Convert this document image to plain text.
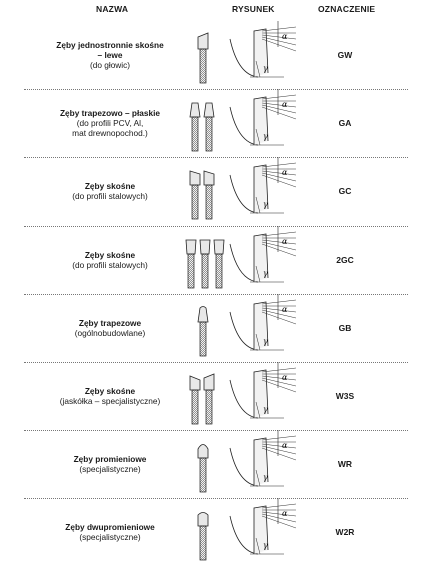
NAZWA	RYSUNEK	OZNACZENIE
Zęby jednostronnie skośne
– lewe
(do głowic)
α
γ
GW
Zęby trapezowo – płaskie
(do profili PCV, Al,
mat drewnopochod.)
α
γ
GA
Zęby skośne
(do profili stalowych)
α
γ
GC
Zęby skośne
(do profili stalowych)
α
γ
2GC
Zęby trapezowe
(ogólnobudowlane)
α
γ
GB
Zęby skośne
(jaskółka – specjalistyczne)
α
γ
W3S
Zęby promieniowe
(specjalistyczne)
α
γ
WR
Zęby dwupromieniowe
(specjalistyczne)
α
γ
W2R
